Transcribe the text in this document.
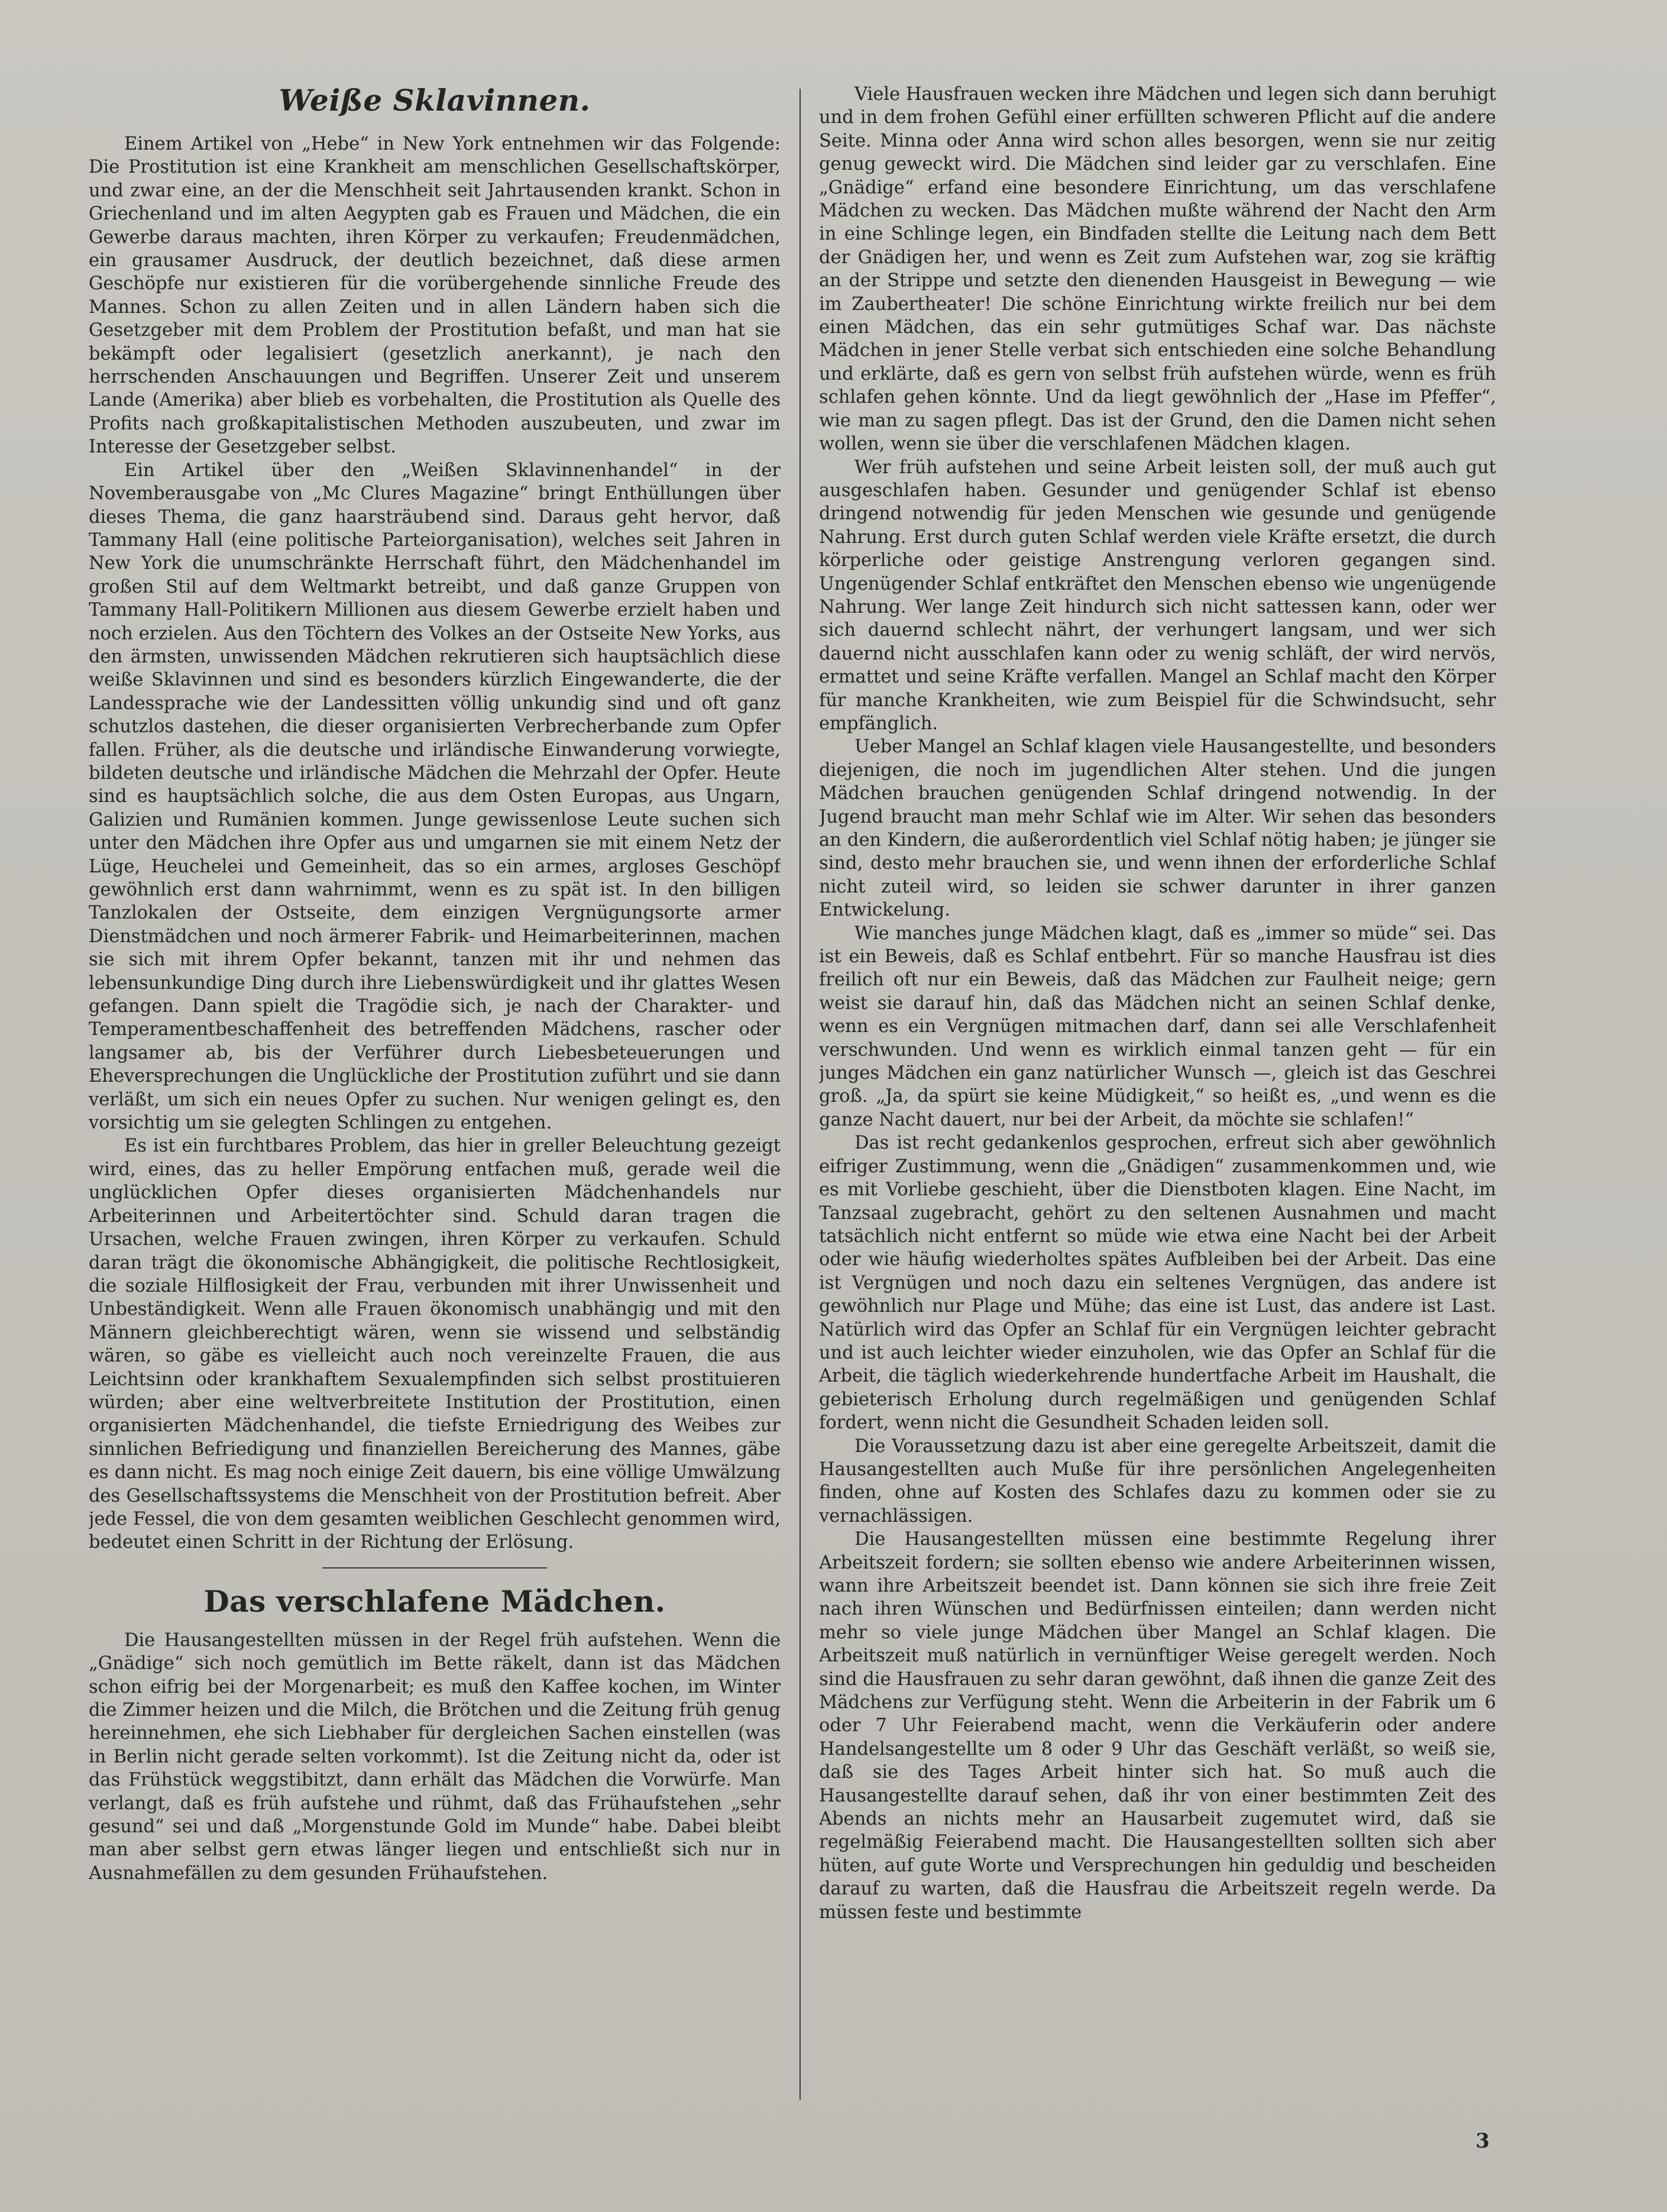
Weiße Sklavinnen.

Einem Artikel von „Hebe“ in New York entnehmen wir das Folgende: Die Prostitution ist eine Krankheit am menschlichen Gesellschaftskörper, und zwar eine, an der die Menschheit seit Jahrtausenden krankt. Schon in Griechenland und im alten Aegypten gab es Frauen und Mädchen, die ein Gewerbe daraus machten, ihren Körper zu verkaufen; Freudenmädchen, ein grausamer Ausdruck, der deutlich bezeichnet, daß diese armen Geschöpfe nur existieren für die vorübergehende sinnliche Freude des Mannes. Schon zu allen Zeiten und in allen Ländern haben sich die Gesetzgeber mit dem Problem der Prostitution befaßt, und man hat sie bekämpft oder legalisiert (gesetzlich anerkannt), je nach den herrschenden Anschauungen und Begriffen. Unserer Zeit und unserem Lande (Amerika) aber blieb es vorbehalten, die Prostitution als Quelle des Profits nach großkapitalistischen Methoden auszubeuten, und zwar im Interesse der Gesetzgeber selbst.

Ein Artikel über den „Weißen Sklavinnenhandel“ in der Novemberausgabe von „Mc Clures Magazine“ bringt Enthüllungen über dieses Thema, die ganz haarsträubend sind. Daraus geht hervor, daß Tammany Hall (eine politische Parteiorganisation), welches seit Jahren in New York die unumschränkte Herrschaft führt, den Mädchenhandel im großen Stil auf dem Weltmarkt betreibt, und daß ganze Gruppen von Tammany Hall-Politikern Millionen aus diesem Gewerbe erzielt haben und noch erzielen. Aus den Töchtern des Volkes an der Ostseite New Yorks, aus den ärmsten, unwissenden Mädchen rekrutieren sich hauptsächlich diese weiße Sklavinnen und sind es besonders kürzlich Eingewanderte, die der Landessprache wie der Landessitten völlig unkundig sind und oft ganz schutzlos dastehen, die dieser organisierten Verbrecherbande zum Opfer fallen. Früher, als die deutsche und irländische Einwanderung vorwiegte, bildeten deutsche und irländische Mädchen die Mehrzahl der Opfer. Heute sind es hauptsächlich solche, die aus dem Osten Europas, aus Ungarn, Galizien und Rumänien kommen. Junge gewissenlose Leute suchen sich unter den Mädchen ihre Opfer aus und umgarnen sie mit einem Netz der Lüge, Heuchelei und Gemeinheit, das so ein armes, argloses Geschöpf gewöhnlich erst dann wahrnimmt, wenn es zu spät ist. In den billigen Tanzlokalen der Ostseite, dem einzigen Vergnügungsorte armer Dienstmädchen und noch ärmerer Fabrik- und Heimarbeiterinnen, machen sie sich mit ihrem Opfer bekannt, tanzen mit ihr und nehmen das lebensunkundige Ding durch ihre Liebenswürdigkeit und ihr glattes Wesen gefangen. Dann spielt die Tragödie sich, je nach der Charakter- und Temperamentbeschaffenheit des betreffenden Mädchens, rascher oder langsamer ab, bis der Verführer durch Liebesbeteuerungen und Eheversprechungen die Unglückliche der Prostitution zuführt und sie dann verläßt, um sich ein neues Opfer zu suchen. Nur wenigen gelingt es, den vorsichtig um sie gelegten Schlingen zu entgehen.

Es ist ein furchtbares Problem, das hier in greller Beleuchtung gezeigt wird, eines, das zu heller Empörung entfachen muß, gerade weil die unglücklichen Opfer dieses organisierten Mädchenhandels nur Arbeiterinnen und Arbeitertöchter sind. Schuld daran tragen die Ursachen, welche Frauen zwingen, ihren Körper zu verkaufen. Schuld daran trägt die ökonomische Abhängigkeit, die politische Rechtlosigkeit, die soziale Hilflosigkeit der Frau, verbunden mit ihrer Unwissenheit und Unbeständigkeit. Wenn alle Frauen ökonomisch unabhängig und mit den Männern gleichberechtigt wären, wenn sie wissend und selbständig wären, so gäbe es vielleicht auch noch vereinzelte Frauen, die aus Leichtsinn oder krankhaftem Sexualempfinden sich selbst prostituieren würden; aber eine weltverbreitete Institution der Prostitution, einen organisierten Mädchenhandel, die tiefste Erniedrigung des Weibes zur sinnlichen Befriedigung und finanziellen Bereicherung des Mannes, gäbe es dann nicht. Es mag noch einige Zeit dauern, bis eine völlige Umwälzung des Gesellschaftssystems die Menschheit von der Prostitution befreit. Aber jede Fessel, die von dem gesamten weiblichen Geschlecht genommen wird, bedeutet einen Schritt in der Richtung der Erlösung.

Das verschlafene Mädchen.

Die Hausangestellten müssen in der Regel früh aufstehen. Wenn die „Gnädige“ sich noch gemütlich im Bette räkelt, dann ist das Mädchen schon eifrig bei der Morgenarbeit; es muß den Kaffee kochen, im Winter die Zimmer heizen und die Milch, die Brötchen und die Zeitung früh genug hereinnehmen, ehe sich Liebhaber für dergleichen Sachen einstellen (was in Berlin nicht gerade selten vorkommt). Ist die Zeitung nicht da, oder ist das Frühstück weggstibitzt, dann erhält das Mädchen die Vorwürfe. Man verlangt, daß es früh aufstehe und rühmt, daß das Frühaufstehen „sehr gesund“ sei und daß „Morgenstunde Gold im Munde“ habe. Dabei bleibt man aber selbst gern etwas länger liegen und entschließt sich nur in Ausnahmefällen zu dem gesunden Frühaufstehen.

Viele Hausfrauen wecken ihre Mädchen und legen sich dann beruhigt und in dem frohen Gefühl einer erfüllten schweren Pflicht auf die andere Seite. Minna oder Anna wird schon alles besorgen, wenn sie nur zeitig genug geweckt wird. Die Mädchen sind leider gar zu verschlafen. Eine „Gnädige“ erfand eine besondere Einrichtung, um das verschlafene Mädchen zu wecken. Das Mädchen mußte während der Nacht den Arm in eine Schlinge legen, ein Bindfaden stellte die Leitung nach dem Bett der Gnädigen her, und wenn es Zeit zum Aufstehen war, zog sie kräftig an der Strippe und setzte den dienenden Hausgeist in Bewegung — wie im Zaubertheater! Die schöne Einrichtung wirkte freilich nur bei dem einen Mädchen, das ein sehr gutmütiges Schaf war. Das nächste Mädchen in jener Stelle verbat sich entschieden eine solche Behandlung und erklärte, daß es gern von selbst früh aufstehen würde, wenn es früh schlafen gehen könnte. Und da liegt gewöhnlich der „Hase im Pfeffer“, wie man zu sagen pflegt. Das ist der Grund, den die Damen nicht sehen wollen, wenn sie über die verschlafenen Mädchen klagen.

Wer früh aufstehen und seine Arbeit leisten soll, der muß auch gut ausgeschlafen haben. Gesunder und genügender Schlaf ist ebenso dringend notwendig für jeden Menschen wie gesunde und genügende Nahrung. Erst durch guten Schlaf werden viele Kräfte ersetzt, die durch körperliche oder geistige Anstrengung verloren gegangen sind. Ungenügender Schlaf entkräftet den Menschen ebenso wie ungenügende Nahrung. Wer lange Zeit hindurch sich nicht sattessen kann, oder wer sich dauernd schlecht nährt, der verhungert langsam, und wer sich dauernd nicht ausschlafen kann oder zu wenig schläft, der wird nervös, ermattet und seine Kräfte verfallen. Mangel an Schlaf macht den Körper für manche Krankheiten, wie zum Beispiel für die Schwindsucht, sehr empfänglich.

Ueber Mangel an Schlaf klagen viele Hausangestellte, und besonders diejenigen, die noch im jugendlichen Alter stehen. Und die jungen Mädchen brauchen genügenden Schlaf dringend notwendig. In der Jugend braucht man mehr Schlaf wie im Alter. Wir sehen das besonders an den Kindern, die außerordentlich viel Schlaf nötig haben; je jünger sie sind, desto mehr brauchen sie, und wenn ihnen der erforderliche Schlaf nicht zuteil wird, so leiden sie schwer darunter in ihrer ganzen Entwickelung.

Wie manches junge Mädchen klagt, daß es „immer so müde“ sei. Das ist ein Beweis, daß es Schlaf entbehrt. Für so manche Hausfrau ist dies freilich oft nur ein Beweis, daß das Mädchen zur Faulheit neige; gern weist sie darauf hin, daß das Mädchen nicht an seinen Schlaf denke, wenn es ein Vergnügen mitmachen darf, dann sei alle Verschlafenheit verschwunden. Und wenn es wirklich einmal tanzen geht — für ein junges Mädchen ein ganz natürlicher Wunsch —, gleich ist das Geschrei groß. „Ja, da spürt sie keine Müdigkeit,“ so heißt es, „und wenn es die ganze Nacht dauert, nur bei der Arbeit, da möchte sie schlafen!“

Das ist recht gedankenlos gesprochen, erfreut sich aber gewöhnlich eifriger Zustimmung, wenn die „Gnädigen“ zusammenkommen und, wie es mit Vorliebe geschieht, über die Dienstboten klagen. Eine Nacht, im Tanzsaal zugebracht, gehört zu den seltenen Ausnahmen und macht tatsächlich nicht entfernt so müde wie etwa eine Nacht bei der Arbeit oder wie häufig wiederholtes spätes Aufbleiben bei der Arbeit. Das eine ist Vergnügen und noch dazu ein seltenes Vergnügen, das andere ist gewöhnlich nur Plage und Mühe; das eine ist Lust, das andere ist Last. Natürlich wird das Opfer an Schlaf für ein Vergnügen leichter gebracht und ist auch leichter wieder einzuholen, wie das Opfer an Schlaf für die Arbeit, die täglich wiederkehrende hundertfache Arbeit im Haushalt, die gebieterisch Erholung durch regelmäßigen und genügenden Schlaf fordert, wenn nicht die Gesundheit Schaden leiden soll.

Die Voraussetzung dazu ist aber eine geregelte Arbeitszeit, damit die Hausangestellten auch Muße für ihre persönlichen Angelegenheiten finden, ohne auf Kosten des Schlafes dazu zu kommen oder sie zu vernachlässigen.

Die Hausangestellten müssen eine bestimmte Regelung ihrer Arbeitszeit fordern; sie sollten ebenso wie andere Arbeiterinnen wissen, wann ihre Arbeitszeit beendet ist. Dann können sie sich ihre freie Zeit nach ihren Wünschen und Bedürfnissen einteilen; dann werden nicht mehr so viele junge Mädchen über Mangel an Schlaf klagen. Die Arbeitszeit muß natürlich in vernünftiger Weise geregelt werden. Noch sind die Hausfrauen zu sehr daran gewöhnt, daß ihnen die ganze Zeit des Mädchens zur Verfügung steht. Wenn die Arbeiterin in der Fabrik um 6 oder 7 Uhr Feierabend macht, wenn die Verkäuferin oder andere Handelsangestellte um 8 oder 9 Uhr das Geschäft verläßt, so weiß sie, daß sie des Tages Arbeit hinter sich hat. So muß auch die Hausangestellte darauf sehen, daß ihr von einer bestimmten Zeit des Abends an nichts mehr an Hausarbeit zugemutet wird, daß sie regelmäßig Feierabend macht. Die Hausangestellten sollten sich aber hüten, auf gute Worte und Versprechungen hin geduldig und bescheiden darauf zu warten, daß die Hausfrau die Arbeitszeit regeln werde. Da müssen feste und bestimmte

3
